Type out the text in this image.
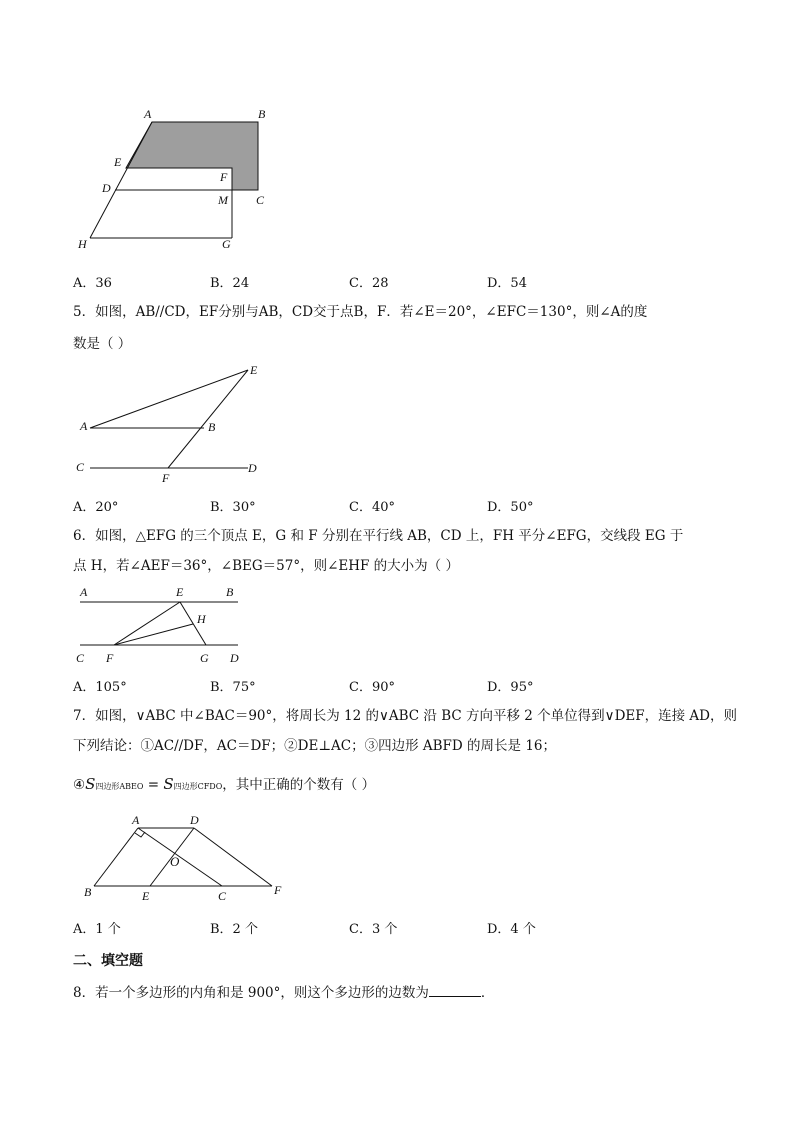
A	B
E
F
D
M C
H	G
A．36	B．24	C．28	D．54
5．如图，AB//CD，EF分别与AB，CD交于点B，F．若∠E＝20°，∠EFC＝130°，则∠A的度
数是（ ）
E
A	B
C
F
D
A．20°	B．30°	C．40°	D．50°
6．如图，△EFG 的三个顶点 E，G 和 F 分别在平行线 AB，CD 上，FH 平分∠EFG，交线段 EG 于
点 H，若∠AEF＝36°，∠BEG＝57°，则∠EHF 的大小为（ ）
A	E	B
H
C F	G D
A．105°	B．75°	C．90°	D．95°
7．如图，∨ABC 中∠BAC＝90°，将周长为 12 的∨ABC 沿 BC 方向平移 2 个单位得到∨DEF，连接 AD，则
下列结论：①AC//DF，AC＝DF；②DE⊥AC；③四边形 ABFD 的周长是 16；
④S四边形ABEO = S四边形CFDO，其中正确的个数有（ ）
A	D
O
B	E	C	F
A．1 个	B．2 个	C．3 个	D．4 个
二、填空题
8．若一个多边形的内角和是 900°，则这个多边形的边数为	．
